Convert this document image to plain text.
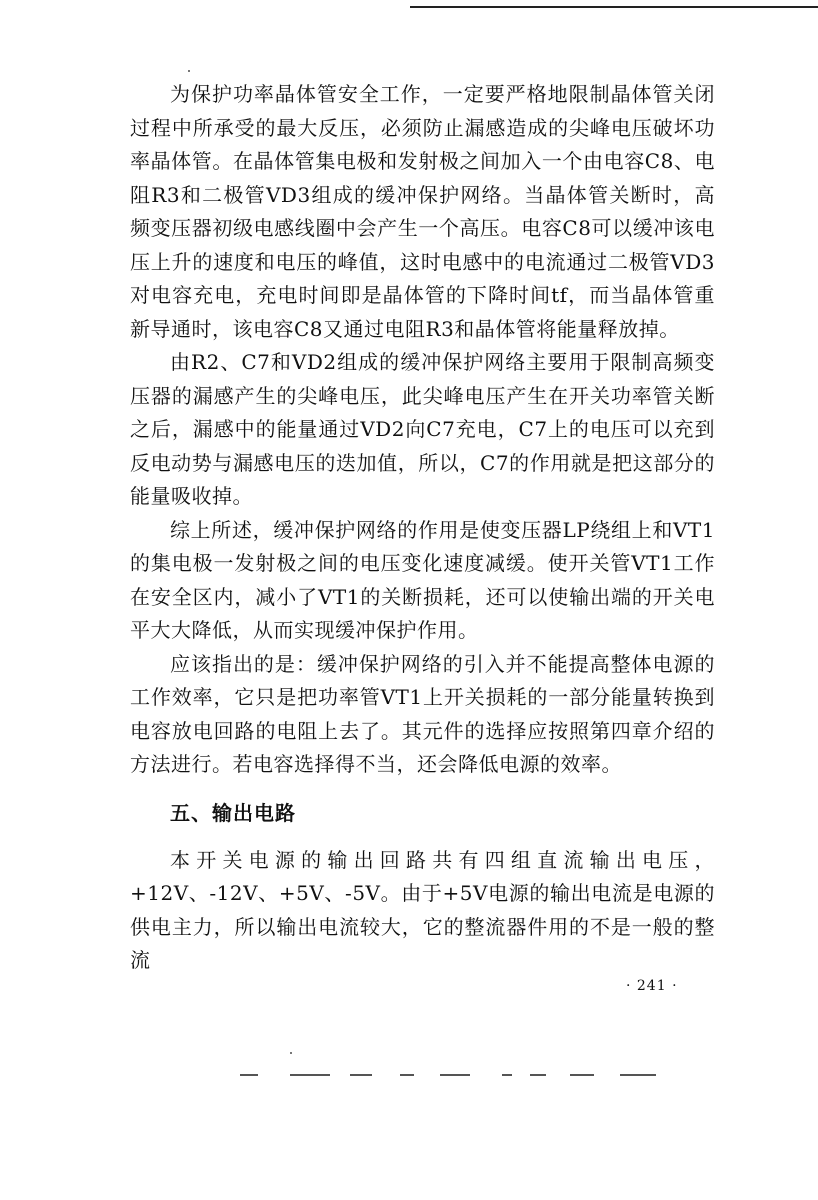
为保护功率晶体管安全工作，一定要严格地限制晶体管关闭过程中所承受的最大反压，必须防止漏感造成的尖峰电压破坏功率晶体管。在晶体管集电极和发射极之间加入一个由电容C8、电阻R3和二极管VD3组成的缓冲保护网络。当晶体管关断时，高频变压器初级电感线圈中会产生一个高压。电容C8可以缓冲该电压上升的速度和电压的峰值，这时电感中的电流通过二极管VD3对电容充电，充电时间即是晶体管的下降时间tf，而当晶体管重新导通时，该电容C8又通过电阻R3和晶体管将能量释放掉。

由R2、C7和VD2组成的缓冲保护网络主要用于限制高频变压器的漏感产生的尖峰电压，此尖峰电压产生在开关功率管关断之后，漏感中的能量通过VD2向C7充电，C7上的电压可以充到反电动势与漏感电压的迭加值，所以，C7的作用就是把这部分的能量吸收掉。

综上所述，缓冲保护网络的作用是使变压器LP绕组上和VT1的集电极一发射极之间的电压变化速度减缓。使开关管VT1工作在安全区内，减小了VT1的关断损耗，还可以使输出端的开关电平大大降低，从而实现缓冲保护作用。

应该指出的是：缓冲保护网络的引入并不能提高整体电源的工作效率，它只是把功率管VT1上开关损耗的一部分能量转换到电容放电回路的电阻上去了。其元件的选择应按照第四章介绍的方法进行。若电容选择得不当，还会降低电源的效率。

五、输出电路

本开关电源的输出回路共有四组直流输出电压，+12V、-12V、+5V、-5V。由于+5V电源的输出电流是电源的供电主力，所以输出电流较大，它的整流器件用的不是一般的整流

· 241 ·
